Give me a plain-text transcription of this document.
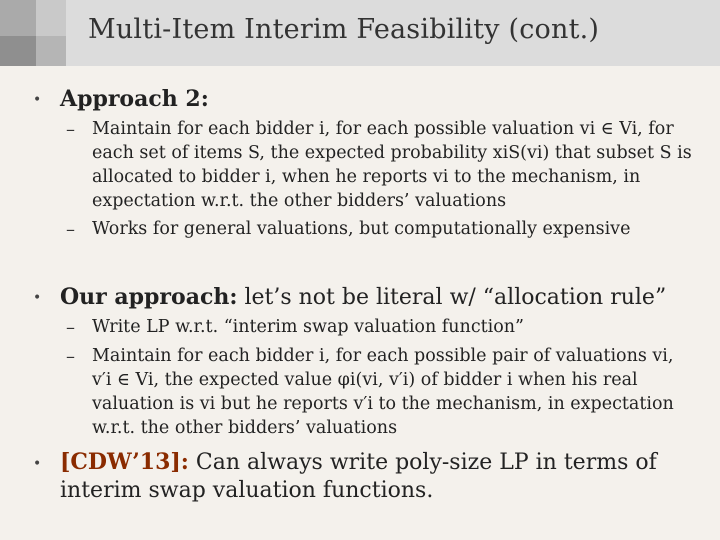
Multi-Item Interim Feasibility (cont.)
• Approach 2:
– Maintain for each bidder i, for each possible valuation vi ∈ Vi, for each set of items S, the expected probability xiS(vi) that subset S is allocated to bidder i, when he reports vi to the mechanism, in expectation w.r.t. the other bidders’ valuations
– Works for general valuations, but computationally expensive
• Our approach: let’s not be literal w/ “allocation rule”
– Write LP w.r.t. “interim swap valuation function”
– Maintain for each bidder i, for each possible pair of valuations vi, v′i ∈ Vi, the expected value φi(vi, v′i) of bidder i when his real valuation is vi but he reports v′i to the mechanism, in expectation w.r.t. the other bidders’ valuations
• [CDW’13]: Can always write poly-size LP in terms of interim swap valuation functions.
